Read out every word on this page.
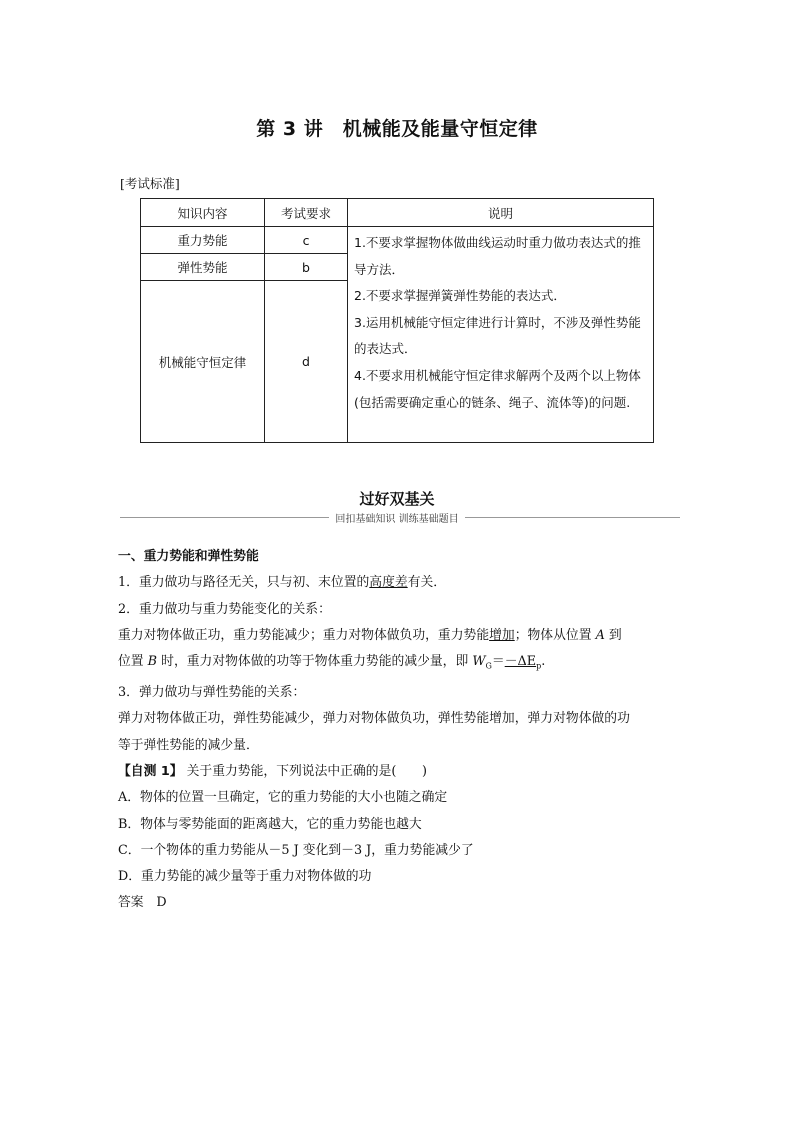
第 3 讲　机械能及能量守恒定律
[考试标准]
知识内容	考试要求	说明
重力势能	c	1.不要求掌握物体做曲线运动时重力做功表达式的推导方法．
2.不要求掌握弹簧弹性势能的表达式．
3.运用机械能守恒定律进行计算时，不涉及弹性势能的表达式．
4.不要求用机械能守恒定律求解两个及两个以上物体(包括需要确定重心的链条、绳子、流体等)的问题.

弹性势能	b	
机械能守恒定律	d	
过好双基关
回扣基础知识 训练基础题目
一、重力势能和弹性势能
1．重力做功与路径无关，只与初、末位置的高度差有关．
2．重力做功与重力势能变化的关系：
重力对物体做正功，重力势能减少；重力对物体做负功，重力势能增加；物体从位置 A 到
位置 B 时，重力对物体做的功等于物体重力势能的减少量，即 $W_G=-\Delta E_p$.
3．弹力做功与弹性势能的关系：
弹力对物体做正功，弹性势能减少，弹力对物体做负功，弹性势能增加，弹力对物体做的功
等于弹性势能的减少量．
【自测 1】 关于重力势能，下列说法中正确的是(　　)
A．物体的位置一旦确定，它的重力势能的大小也随之确定
B．物体与零势能面的距离越大，它的重力势能也越大
C．一个物体的重力势能从－5 J 变化到－3 J，重力势能减少了
D．重力势能的减少量等于重力对物体做的功
答案　D
